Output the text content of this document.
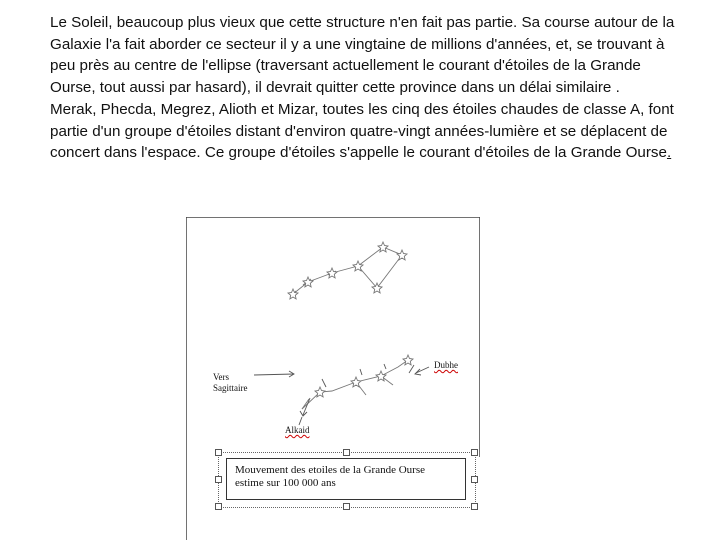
Le Soleil, beaucoup plus vieux que cette structure n'en fait pas partie. Sa course autour de la Galaxie l'a fait aborder ce secteur il y a une vingtaine de millions d'années, et, se trouvant à peu près au centre de l'ellipse (traversant actuellement le courant d'étoiles de la Grande Ourse, tout aussi par hasard), il devrait quitter cette province dans un délai similaire .

Merak, Phecda, Megrez, Alioth et Mizar, toutes les cinq des étoiles chaudes de classe A, font partie d'un groupe d'étoiles distant d'environ quatre-vingt années-lumière et se déplacent de concert dans l'espace. Ce groupe d'étoiles s'appelle le courant d'étoiles de la Grande Ourse.

Vers
Sagittaire
Dubhe
Alkaid
Mouvement des etoiles de la Grande Ourse
estime sur 100 000 ans
